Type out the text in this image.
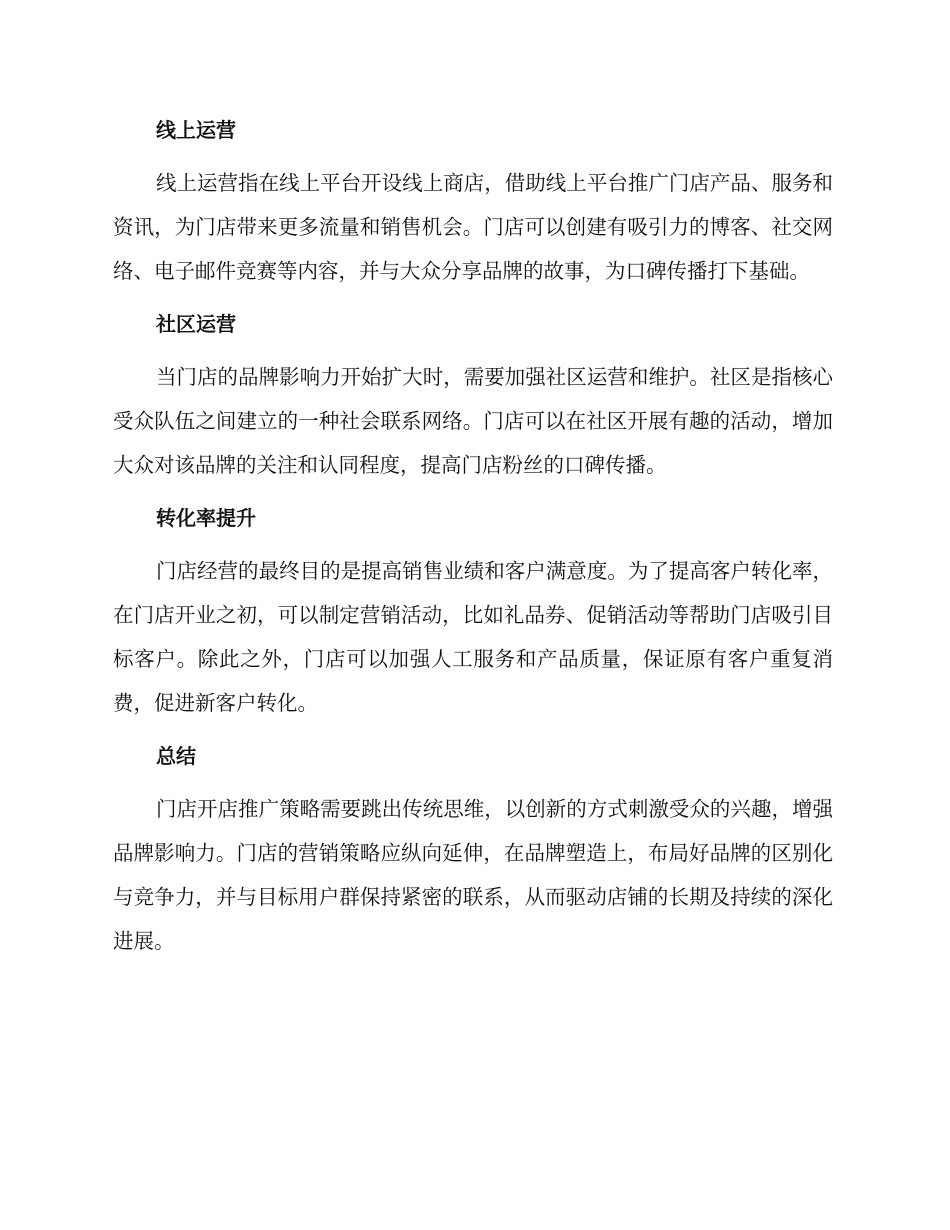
线上运营

线上运营指在线上平台开设线上商店，借助线上平台推广门店产品、服务和资讯，为门店带来更多流量和销售机会。门店可以创建有吸引力的博客、社交网络、电子邮件竞赛等内容，并与大众分享品牌的故事，为口碑传播打下基础。

社区运营

当门店的品牌影响力开始扩大时，需要加强社区运营和维护。社区是指核心受众队伍之间建立的一种社会联系网络。门店可以在社区开展有趣的活动，增加大众对该品牌的关注和认同程度，提高门店粉丝的口碑传播。

转化率提升

门店经营的最终目的是提高销售业绩和客户满意度。为了提高客户转化率，在门店开业之初，可以制定营销活动，比如礼品券、促销活动等帮助门店吸引目标客户。除此之外，门店可以加强人工服务和产品质量，保证原有客户重复消费，促进新客户转化。

总结

门店开店推广策略需要跳出传统思维，以创新的方式刺激受众的兴趣，增强品牌影响力。门店的营销策略应纵向延伸，在品牌塑造上，布局好品牌的区别化与竞争力，并与目标用户群保持紧密的联系，从而驱动店铺的长期及持续的深化进展。
